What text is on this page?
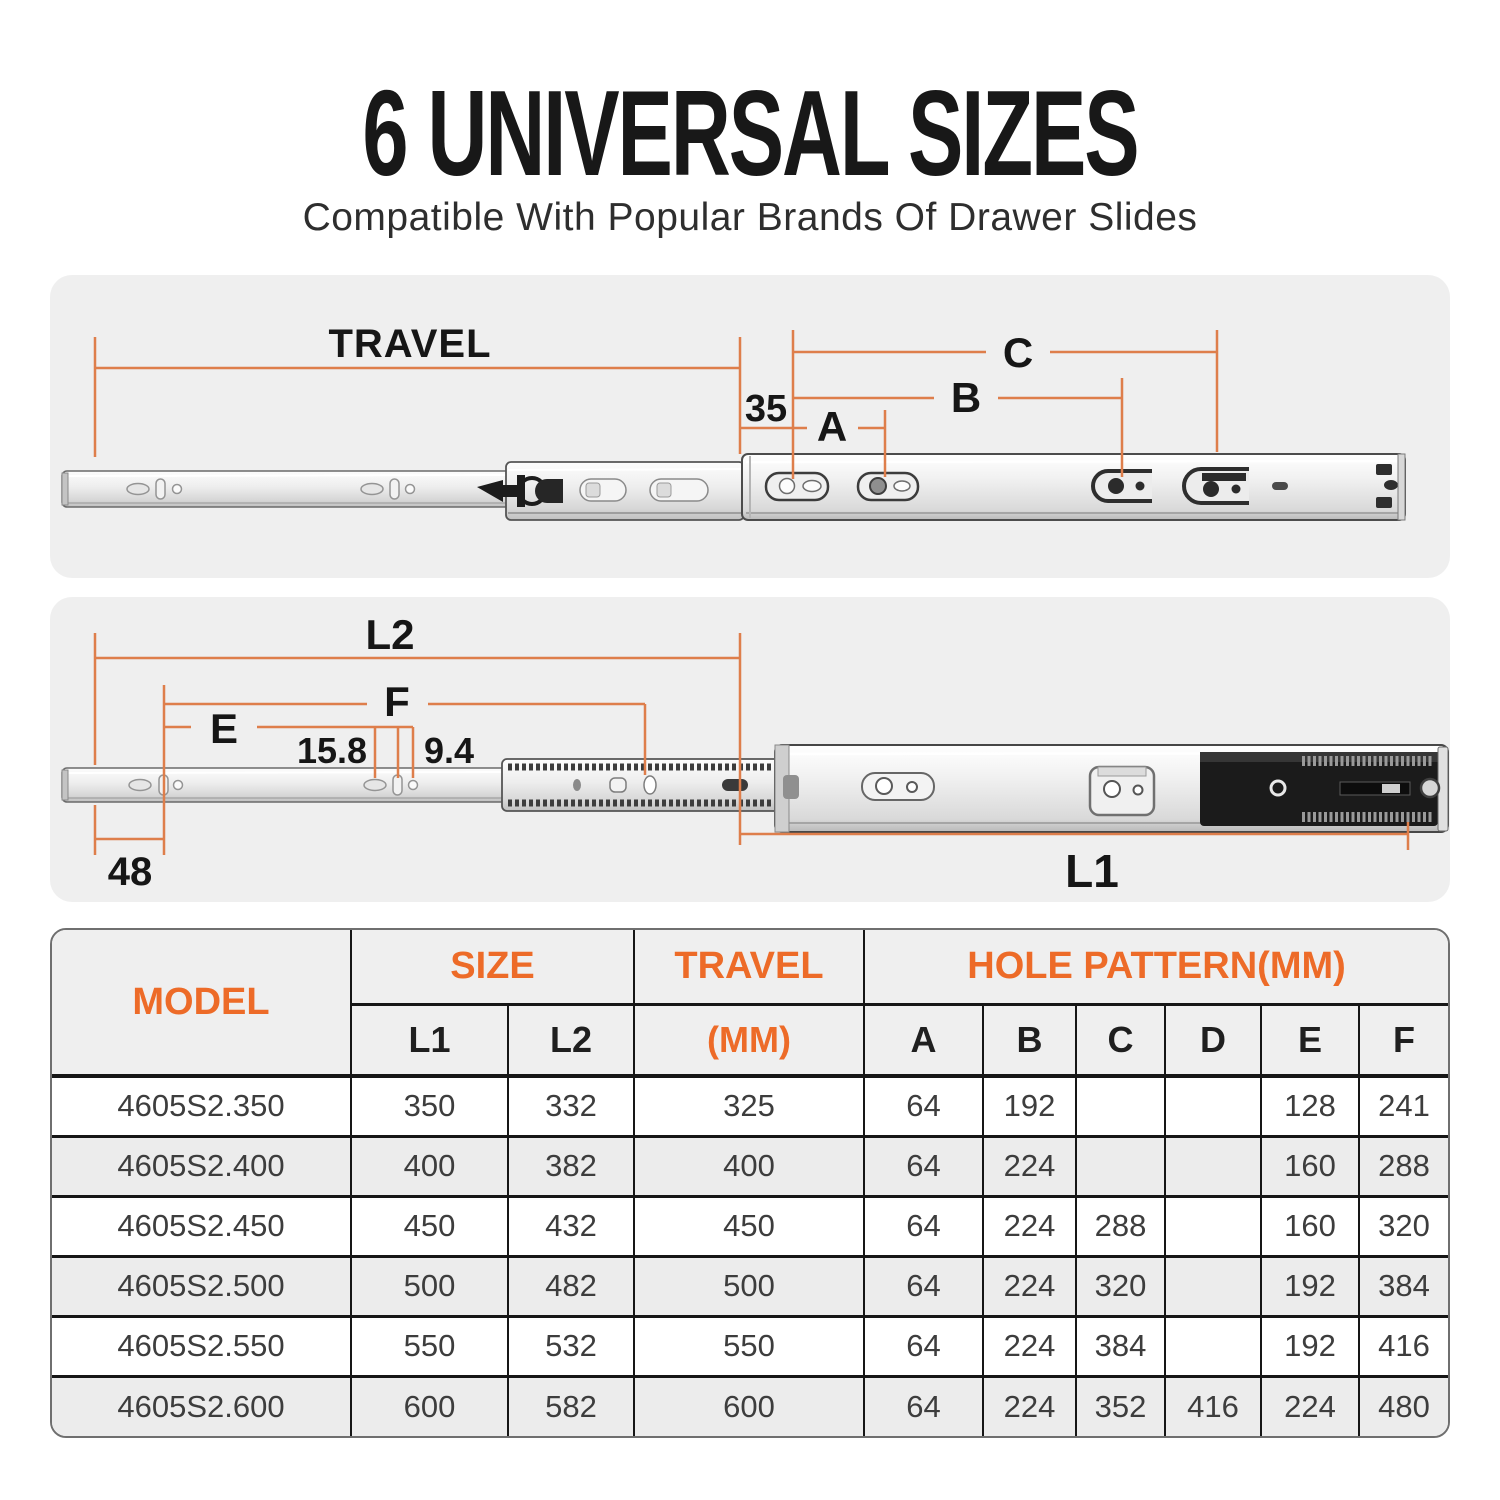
6 UNIVERSAL SIZES
Compatible With Popular Brands Of Drawer Slides
TRAVEL
35 A
B
C
L2
F
E 15.8 9.4
48	L1
MODEL	SIZE		TRAVEL	HOLE PATTERN(MM)					
	L1	L2	(MM)	A	B	C	D	E	F
4605S2.350	350	332	325	64	192			128	241
4605S2.400	400	382	400	64	224			160	288
4605S2.450	450	432	450	64	224	288		160	320
4605S2.500	500	482	500	64	224	320		192	384
4605S2.550	550	532	550	64	224	384		192	416
4605S2.600	600	582	600	64	224	352	416	224	480
